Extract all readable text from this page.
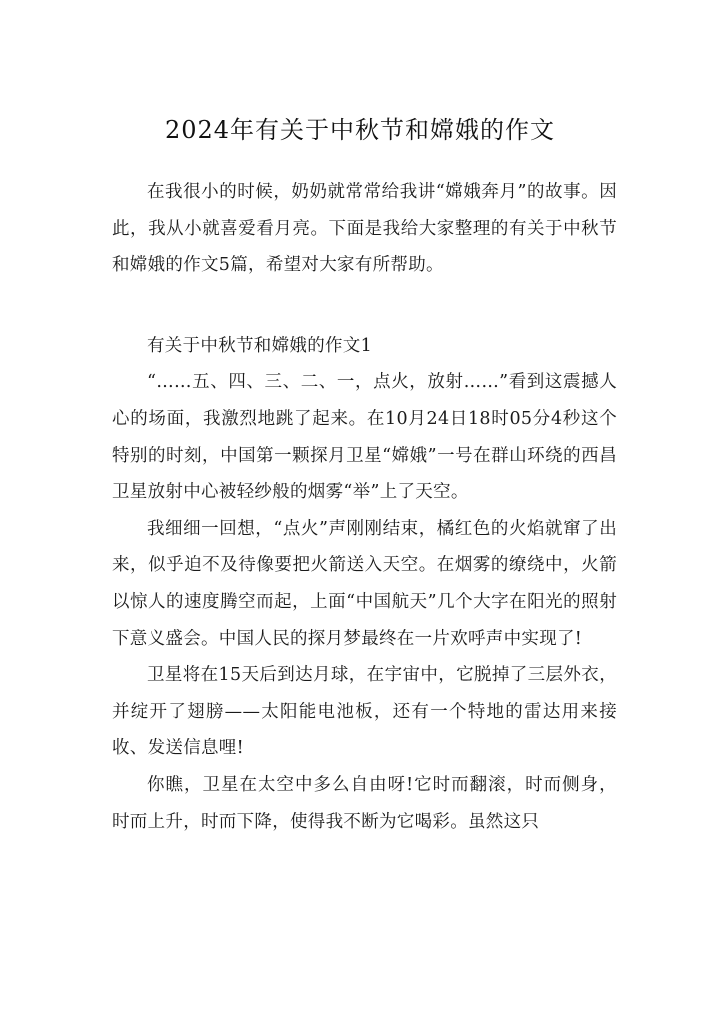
2024年有关于中秋节和嫦娥的作文

在我很小的时候，奶奶就常常给我讲“嫦娥奔月”的故事。因此，我从小就喜爱看月亮。下面是我给大家整理的有关于中秋节和嫦娥的作文5篇，希望对大家有所帮助。

有关于中秋节和嫦娥的作文1

“……五、四、三、二、一，点火，放射……”看到这震撼人心的场面，我激烈地跳了起来。在10月24日18时05分4秒这个特别的时刻，中国第一颗探月卫星“嫦娥”一号在群山环绕的西昌卫星放射中心被轻纱般的烟雾“举”上了天空。

我细细一回想，“点火”声刚刚结束，橘红色的火焰就窜了出来，似乎迫不及待像要把火箭送入天空。在烟雾的缭绕中，火箭以惊人的速度腾空而起，上面“中国航天”几个大字在阳光的照射下意义盛会。中国人民的探月梦最终在一片欢呼声中实现了!

卫星将在15天后到达月球，在宇宙中，它脱掉了三层外衣，并绽开了翅膀——太阳能电池板，还有一个特地的雷达用来接收、发送信息哩!

你瞧，卫星在太空中多么自由呀!它时而翻滚，时而侧身，时而上升，时而下降，使得我不断为它喝彩。虽然这只
